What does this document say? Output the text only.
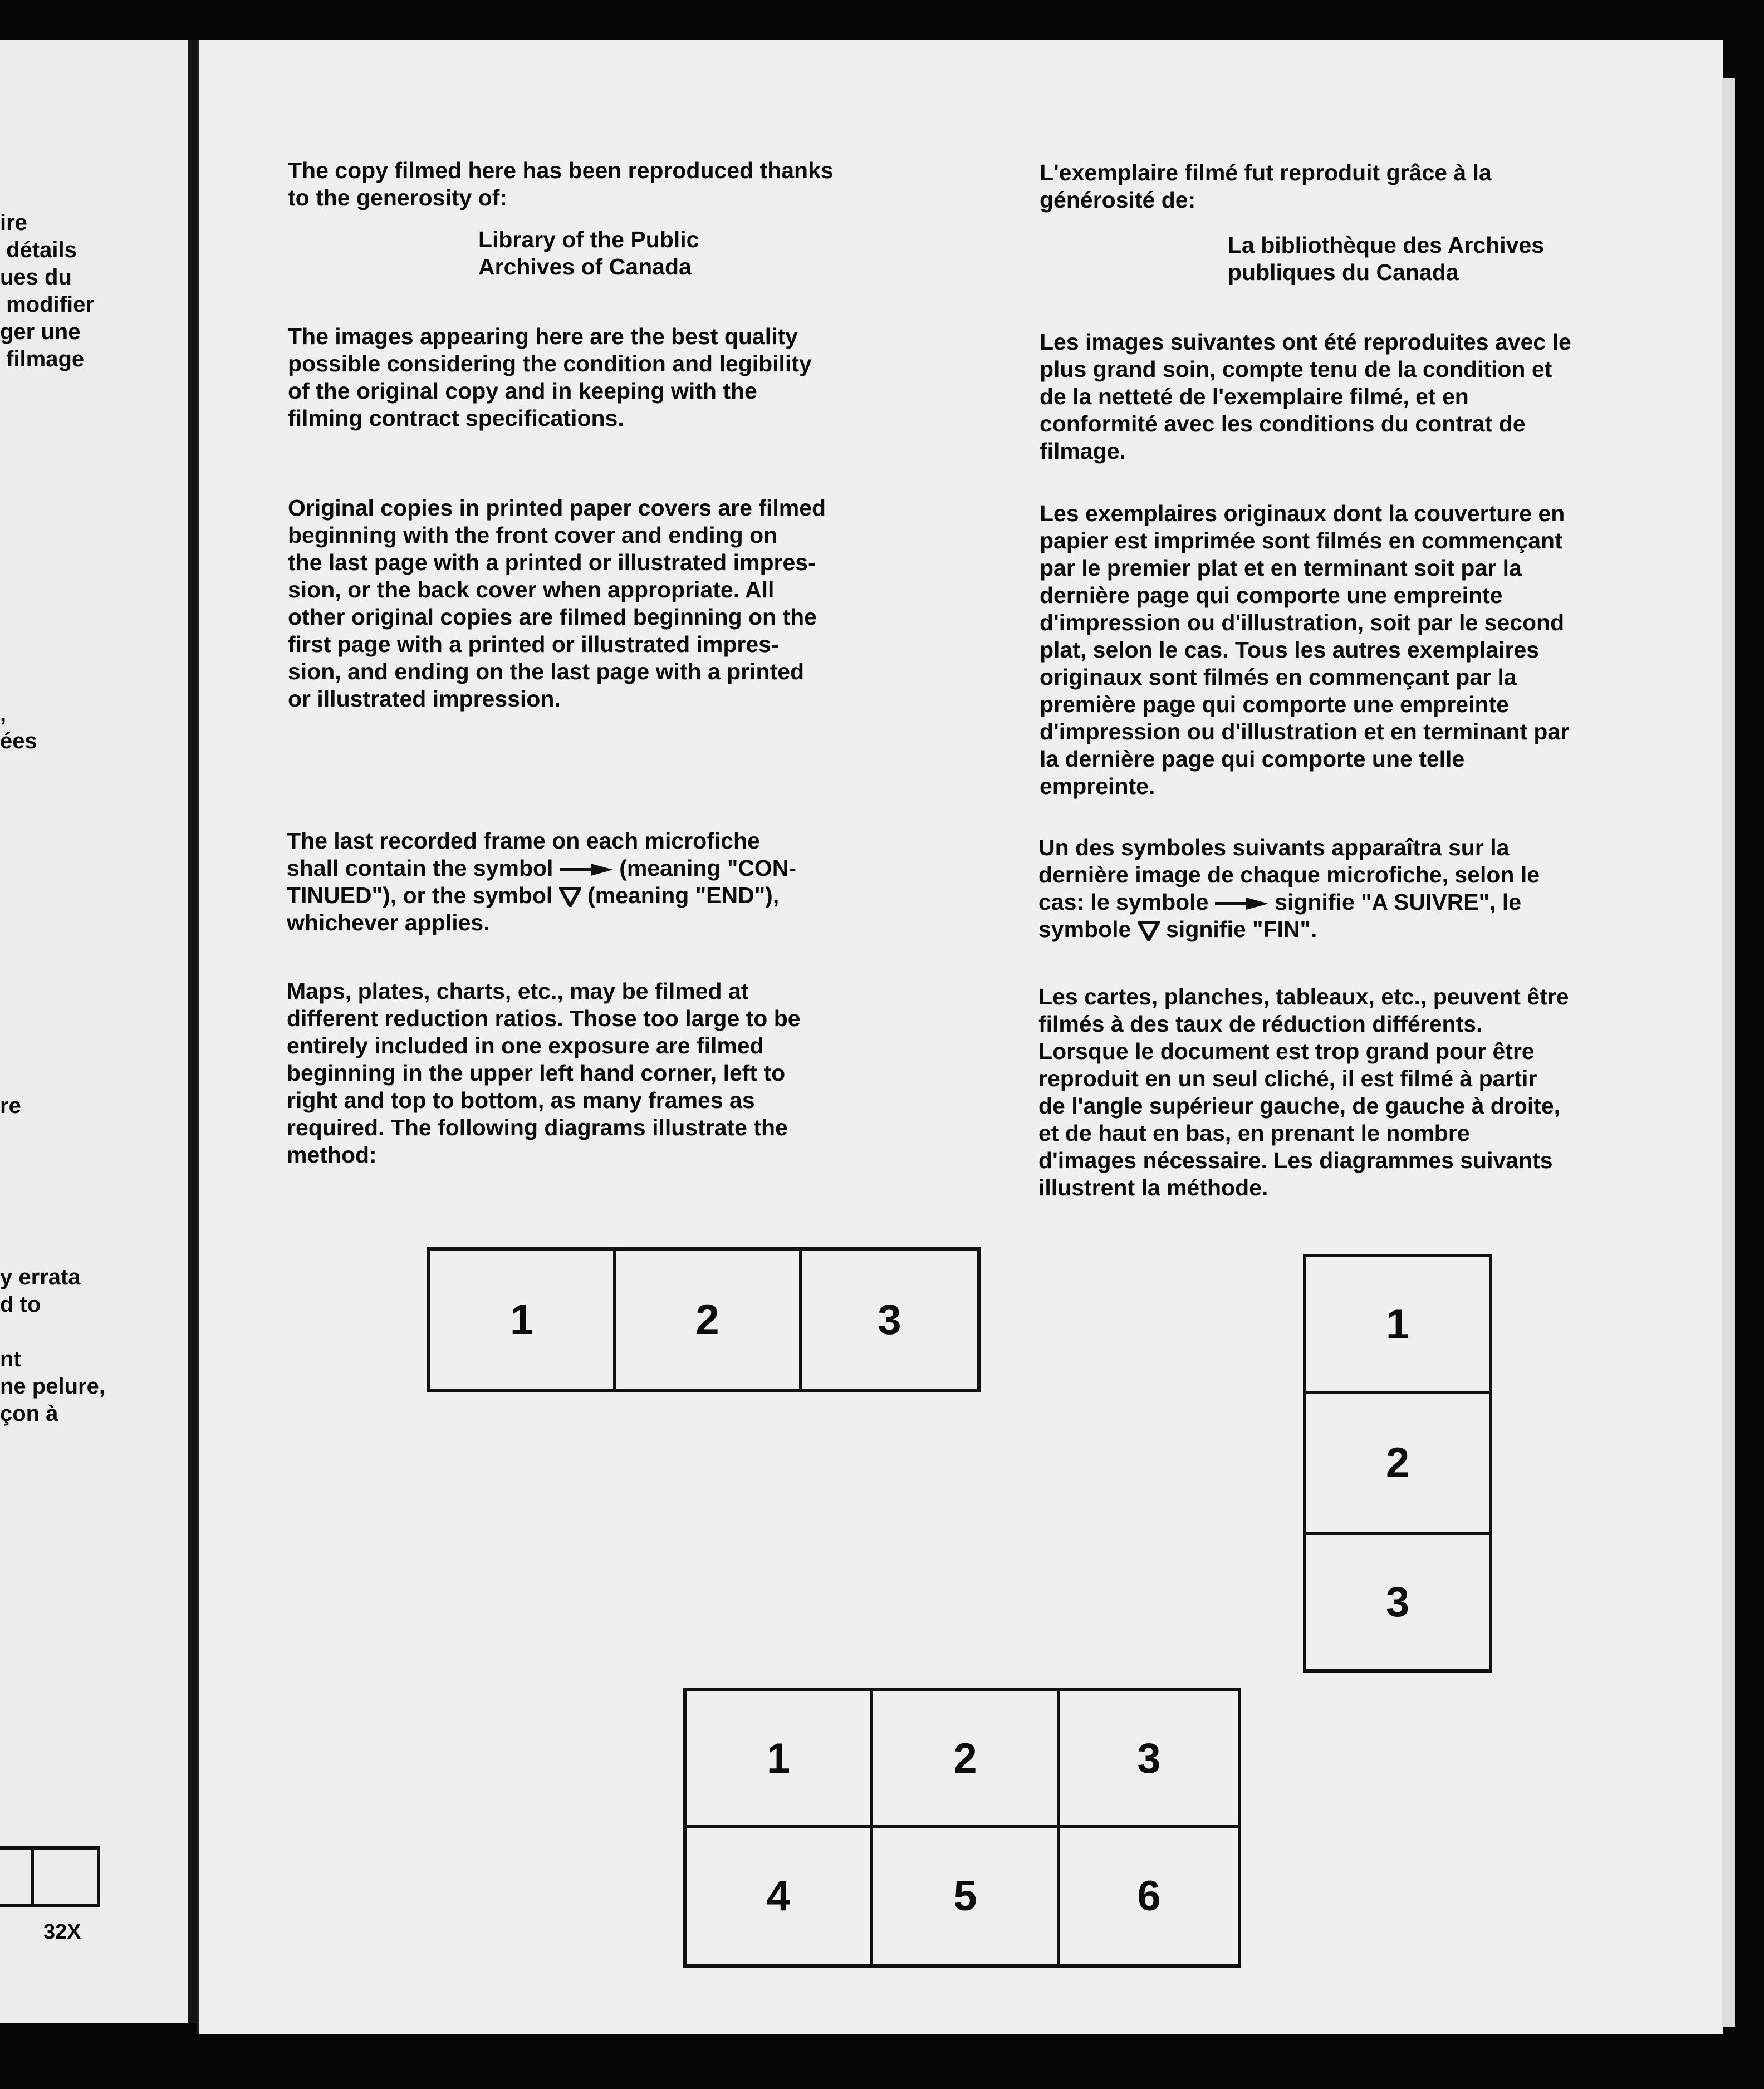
ire
détails
ues du
modifier
ger une
filmage
,
ées
re
y errata
d to
nt
ne pelure,
çon à
32X
The copy filmed here has been reproduced thanks
to the generosity of:
Library of the Public
Archives of Canada
The images appearing here are the best quality
possible considering the condition and legibility
of the original copy and in keeping with the
filming contract specifications.
Original copies in printed paper covers are filmed
beginning with the front cover and ending on
the last page with a printed or illustrated impres-
sion, or the back cover when appropriate. All
other original copies are filmed beginning on the
first page with a printed or illustrated impres-
sion, and ending on the last page with a printed
or illustrated impression.
The last recorded frame on each microfiche
shall contain the symbol  (meaning "CON-
TINUED"), or the symbol  (meaning "END"),
whichever applies.
Maps, plates, charts, etc., may be filmed at
different reduction ratios. Those too large to be
entirely included in one exposure are filmed
beginning in the upper left hand corner, left to
right and top to bottom, as many frames as
required. The following diagrams illustrate the
method:
L'exemplaire filmé fut reproduit grâce à la
générosité de:
La bibliothèque des Archives
publiques du Canada
Les images suivantes ont été reproduites avec le
plus grand soin, compte tenu de la condition et
de la netteté de l'exemplaire filmé, et en
conformité avec les conditions du contrat de
filmage.
Les exemplaires originaux dont la couverture en
papier est imprimée sont filmés en commençant
par le premier plat et en terminant soit par la
dernière page qui comporte une empreinte
d'impression ou d'illustration, soit par le second
plat, selon le cas. Tous les autres exemplaires
originaux sont filmés en commençant par la
première page qui comporte une empreinte
d'impression ou d'illustration et en terminant par
la dernière page qui comporte une telle
empreinte.
Un des symboles suivants apparaîtra sur la
dernière image de chaque microfiche, selon le
cas: le symbole  signifie "A SUIVRE", le
symbole  signifie "FIN".
Les cartes, planches, tableaux, etc., peuvent être
filmés à des taux de réduction différents.
Lorsque le document est trop grand pour être
reproduit en un seul cliché, il est filmé à partir
de l'angle supérieur gauche, de gauche à droite,
et de haut en bas, en prenant le nombre
d'images nécessaire. Les diagrammes suivants
illustrent la méthode.
1	2	3	1
2
3
1	2	3
4	5	6
